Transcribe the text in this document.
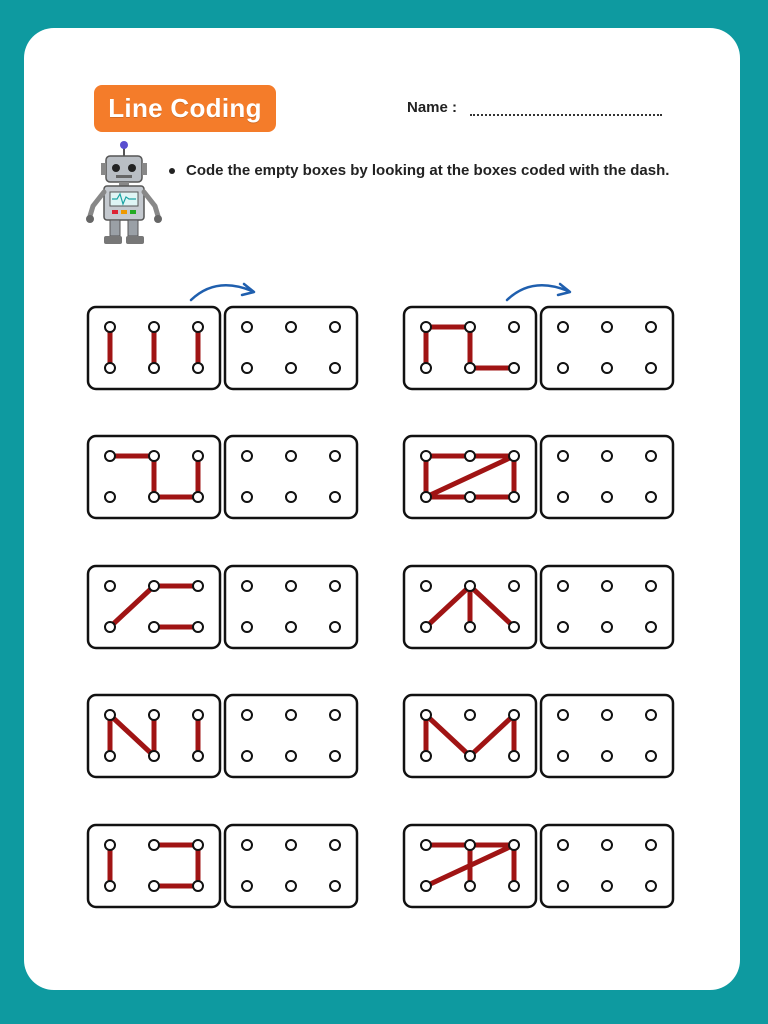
Line Coding	Name :
Code the empty boxes by looking at the boxes coded with the dash.
